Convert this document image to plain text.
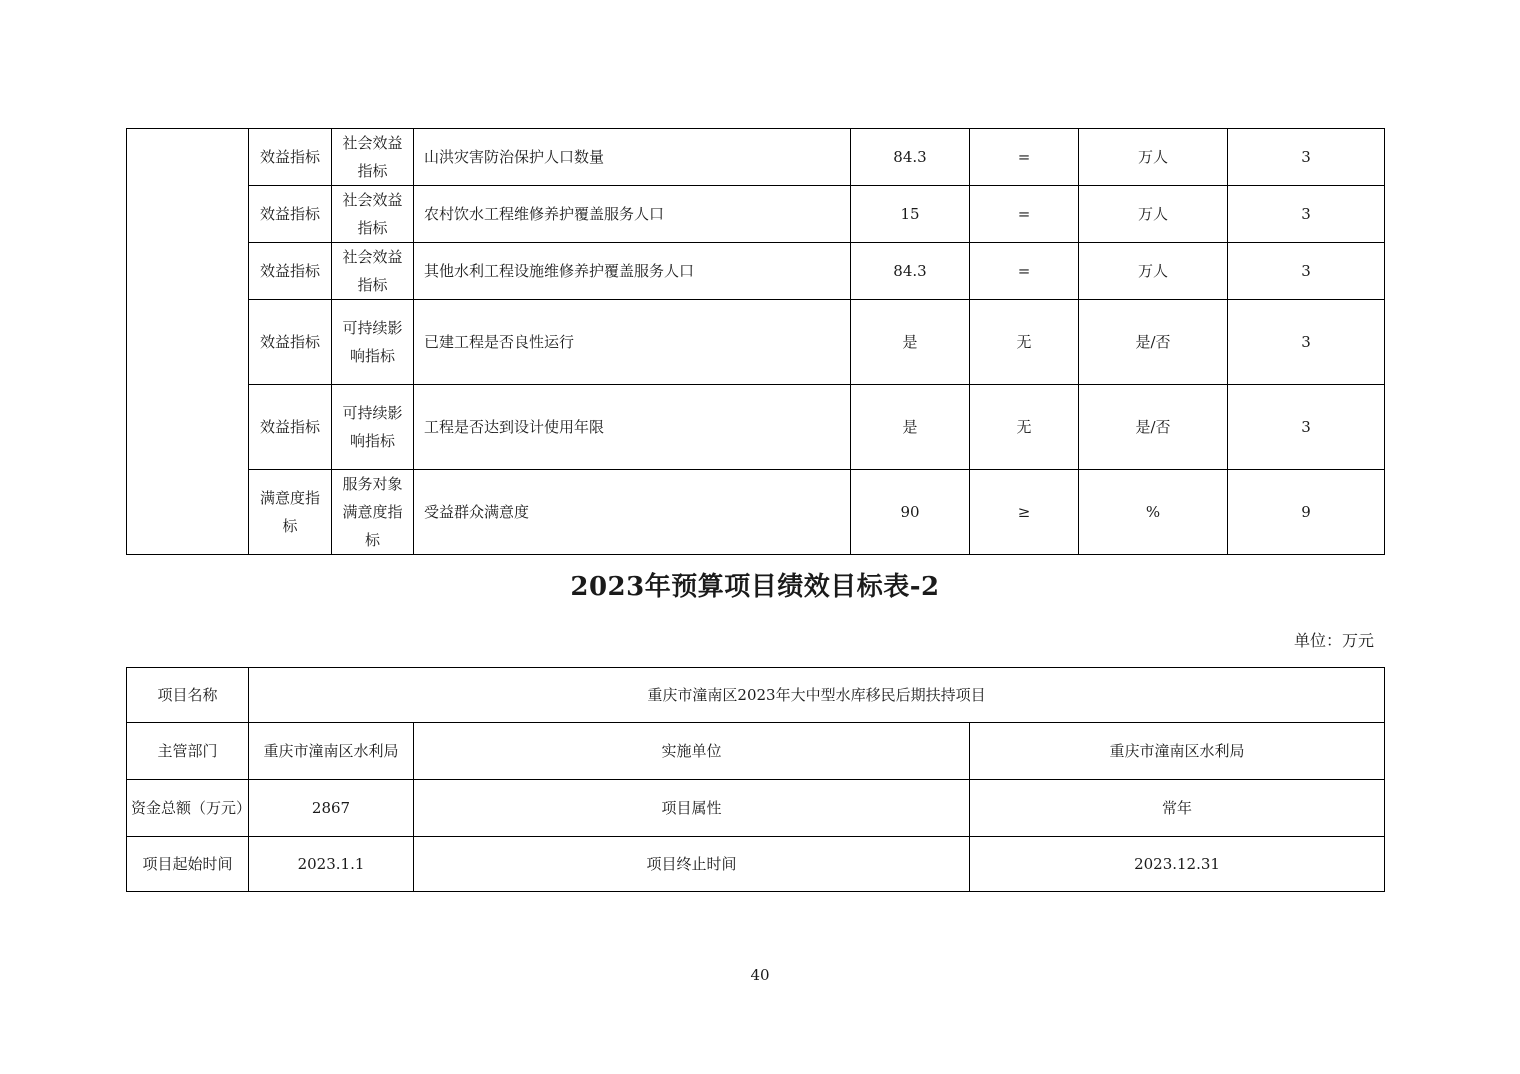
	效益指标	社会效益指标	山洪灾害防治保护人口数量	84.3	=	万人	3
	效益指标	社会效益指标	农村饮水工程维修养护覆盖服务人口	15	=	万人	3
	效益指标	社会效益指标	其他水利工程设施维修养护覆盖服务人口	84.3	=	万人	3
	效益指标	可持续影响指标	已建工程是否良性运行	是	无	是/否	3
	效益指标	可持续影响指标	工程是否达到设计使用年限	是	无	是/否	3
	满意度指标	服务对象满意度指标	受益群众满意度	90	≥	%	9
2023年预算项目绩效目标表-2
单位：万元
项目名称	重庆市潼南区2023年大中型水库移民后期扶持项目		
主管部门	重庆市潼南区水利局	实施单位	重庆市潼南区水利局
资金总额（万元）	2867	项目属性	常年
项目起始时间	2023.1.1	项目终止时间	2023.12.31
40
